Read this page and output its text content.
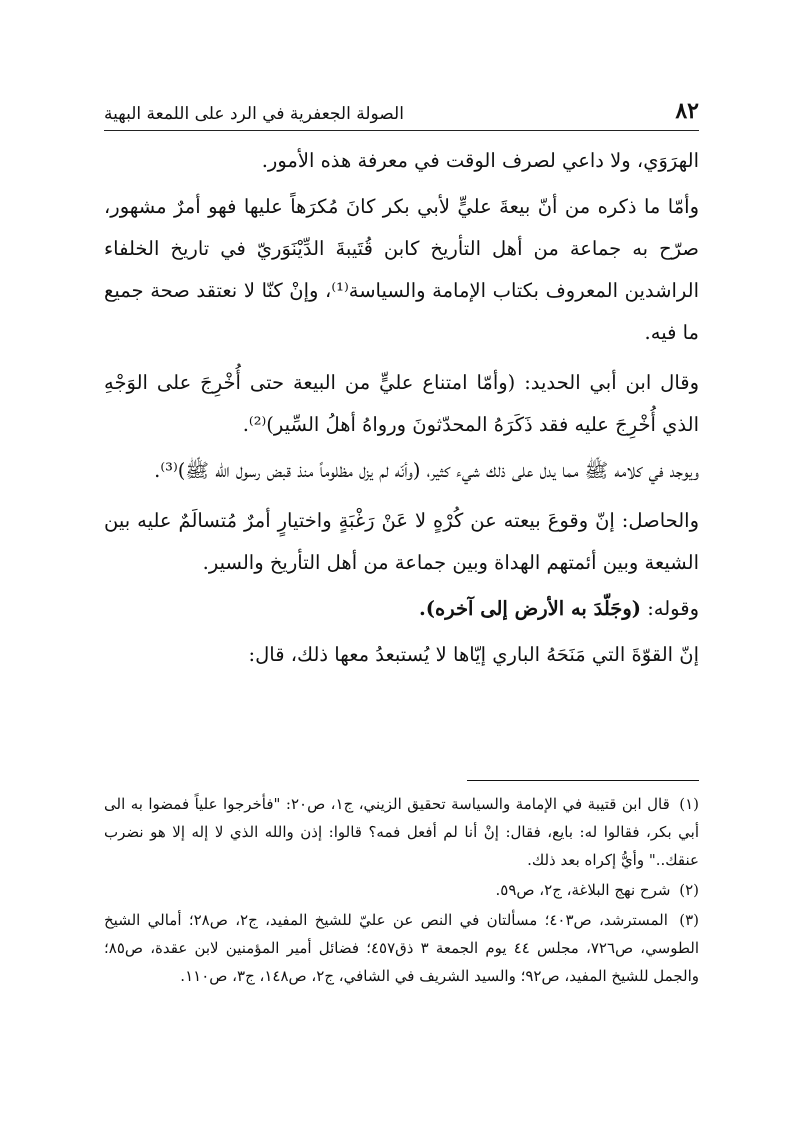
٨٢
الصولة الجعفرية في الرد على اللمعة البهية

الهرَوَي، ولا داعي لصرف الوقت في معرفة هذه الأمور.

وأمّا ما ذكره من أنّ بيعةَ عليٍّ لأبي بكر كانَ مُكرَهاً عليها فهو أمرٌ مشهور، صرّح به جماعة من أهل التأريخ كابن قُتَيبةَ الدِّيْنَوَريّ في تاريخ الخلفاء الراشدين المعروف بكتاب الإمامة والسياسة⁽¹⁾، وإنْ كنّا لا نعتقد صحة جميع ما فيه.

وقال ابن أبي الحديد: (وأمّا امتناع عليٍّ من البيعة حتى أُخْرِجَ على الوَجْهِ الذي أُخْرِجَ عليه فقد ذَكَرَهُ المحدّثونَ ورواهُ أهلُ السِّير)⁽²⁾.

ويوجد في كلامه ﷺ مما يدل على ذلك شيء كثير، (وأنّه لم يزل مظلوماً منذ قبض رسول الله ﷺ)⁽³⁾.

والحاصل: إنّ وقوعَ بيعته عن كُرْهٍ لا عَنْ رَغْبَةٍ واختيارٍ أمرٌ مُتسالَمٌ عليه بين الشيعة وبين أئمتهم الهداة وبين جماعة من أهل التأريخ والسير.

وقوله: (وجَلّدَ به الأرض إلى آخره).

إنّ القوّةَ التي مَنَحَهُ الباري إيّاها لا يُستبعدُ معها ذلك، قال:

(١) قال ابن قتيبة في الإمامة والسياسة تحقيق الزيني، ج١، ص٢٠: "فأخرجوا علياً فمضوا به الى أبي بكر، فقالوا له: بايع، فقال: إنْ أنا لم أفعل فمه؟ قالوا: إذن والله الذي لا إله إلا هو نضرب عنقك.." وأيُّ إكراه بعد ذلك.
(٢) شرح نهج البلاغة، ج٢، ص٥٩.
(٣) المسترشد، ص٤٠٣؛ مسألتان في النص عن عليّ للشيخ المفيد، ج٢، ص٢٨؛ أمالي الشيخ الطوسي، ص٧٢٦، مجلس ٤٤ يوم الجمعة ٣ ذق٤٥٧؛ فضائل أمير المؤمنين لابن عقدة، ص٨٥؛ والجمل للشيخ المفيد، ص٩٢؛ والسيد الشريف في الشافي، ج٢، ص١٤٨، ج٣، ص١١٠.
